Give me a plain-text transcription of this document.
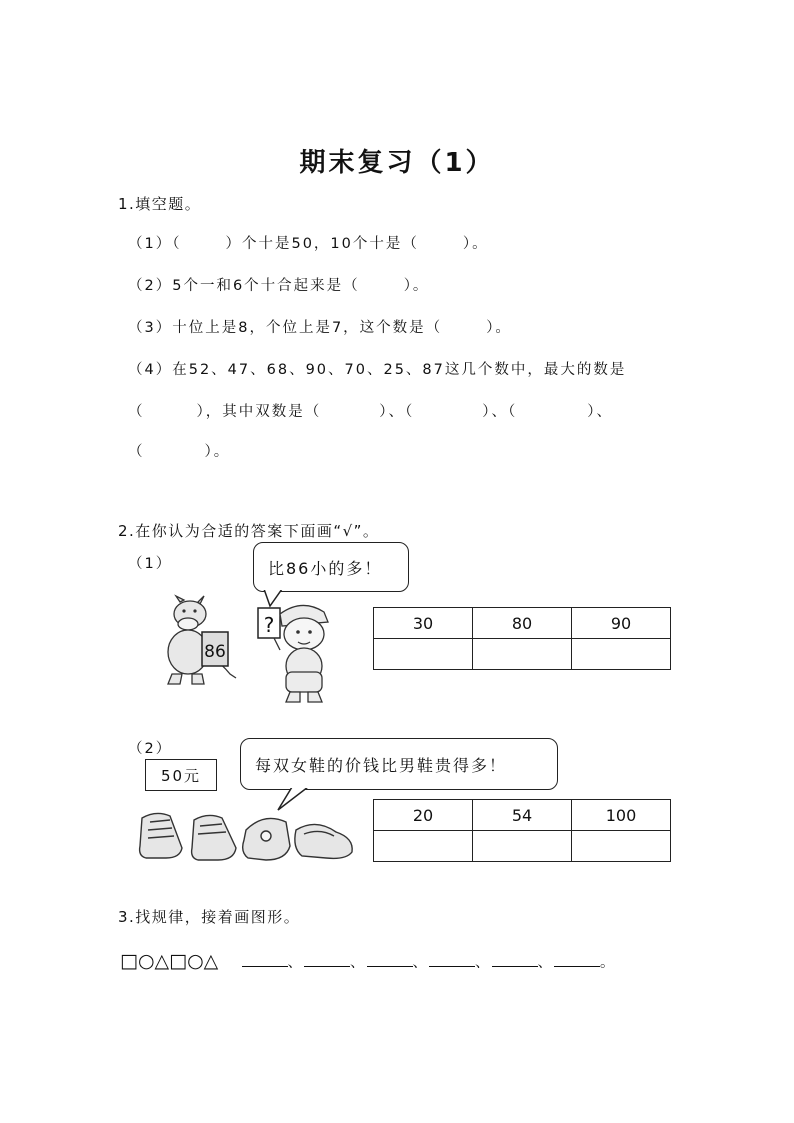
期末复习（1）
1.填空题。
（1）（	）个十是50，10个十是（	）。
（2）5个一和6个十合起来是（	）。
（3）十位上是8，个位上是7，这个数是（	）。
（4）在52、47、68、90、70、25、87这几个数中，最大的数是
（	），其中双数是（	）、（	）、（	）、
（	）。
2.在你认为合适的答案下面画“√”。
（1）	比86小的多！
86
?	30	80	90

（2）
50元
每双女鞋的价钱比男鞋贵得多！
20	54	100

3.找规律，接着画图形。
□○△□○△	、	、	、	、	、	。
